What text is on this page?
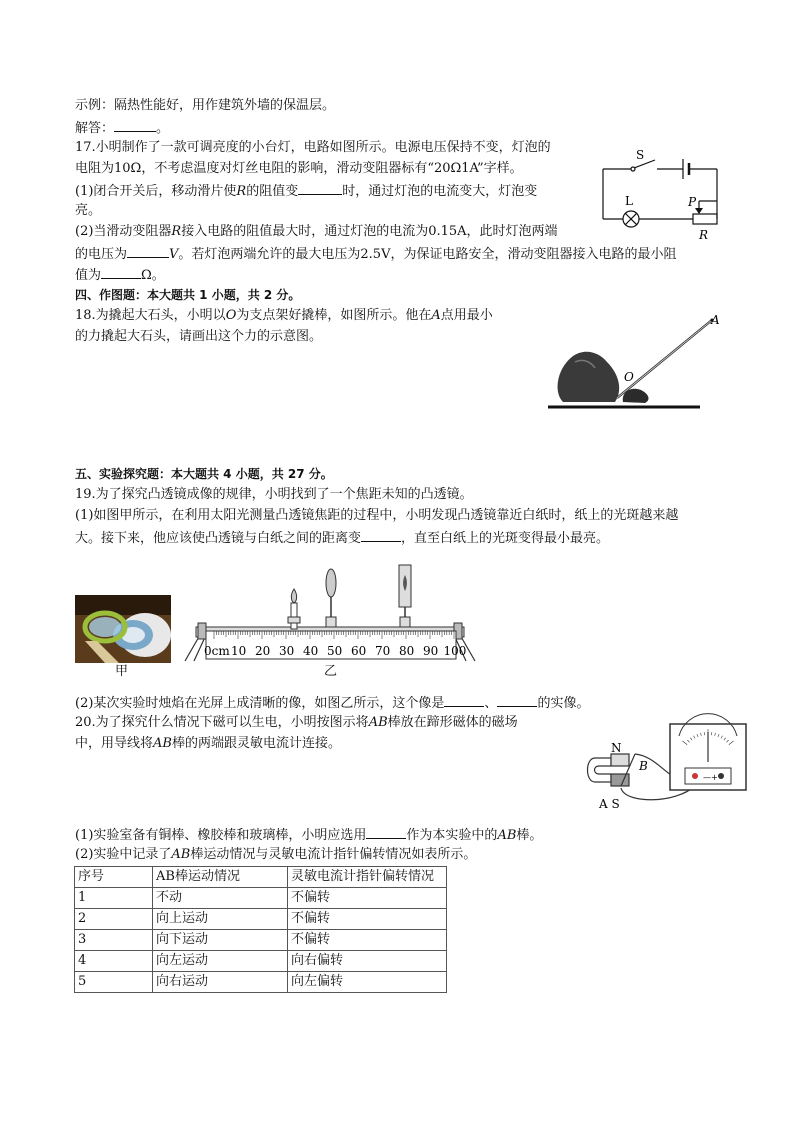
示例：隔热性能好，用作建筑外墙的保温层。
解答：	。
17.小明制作了一款可调亮度的小台灯，电路如图所示。电源电压保持不变，灯泡的
电阻为10Ω，不考虑温度对灯丝电阻的影响，滑动变阻器标有“20Ω1A”字样。
(1)闭合开关后，移动滑片使R的阻值变	时，通过灯泡的电流变大，灯泡变
亮。
(2)当滑动变阻器R接入电路的阻值最大时，通过灯泡的电流为0.15A，此时灯泡两端
的电压为	V。若灯泡两端允许的最大电压为2.5V，为保证电路安全，滑动变阻器接入电路的最小阻
值为	Ω。
S
L	P
R
四、作图题：本大题共 1 小题，共 2 分。
18.为撬起大石头，小明以O为支点架好撬棒，如图所示。他在A点用最小
的力撬起大石头，请画出这个力的示意图。
A
O
五、实验探究题：本大题共 4 小题，共 27 分。
19.为了探究凸透镜成像的规律，小明找到了一个焦距未知的凸透镜。
(1)如图甲所示，在利用太阳光测量凸透镜焦距的过程中，小明发现凸透镜靠近白纸时，纸上的光斑越来越
大。接下来，他应该使凸透镜与白纸之间的距离变	，直至白纸上的光斑变得最小最亮。
甲
0cm 10 20 30 40 50 60 70 80 90 100
乙
(2)某次实验时烛焰在光屏上成清晰的像，如图乙所示，这个像是	、	的实像。
20.为了探究什么情况下磁可以生电，小明按图示将AB棒放在蹄形磁体的磁场
中，用导线将AB棒的两端跟灵敏电流计连接。
—+
N
B
A S
(1)实验室备有铜棒、橡胶棒和玻璃棒，小明应选用	作为本实验中的AB棒。
(2)实验中记录了AB棒运动情况与灵敏电流计指针偏转情况如表所示。
序号	AB棒运动情况	灵敏电流计指针偏转情况
1	不动	不偏转
2	向上运动	不偏转
3	向下运动	不偏转
4	向左运动	向右偏转
5	向右运动	向左偏转
